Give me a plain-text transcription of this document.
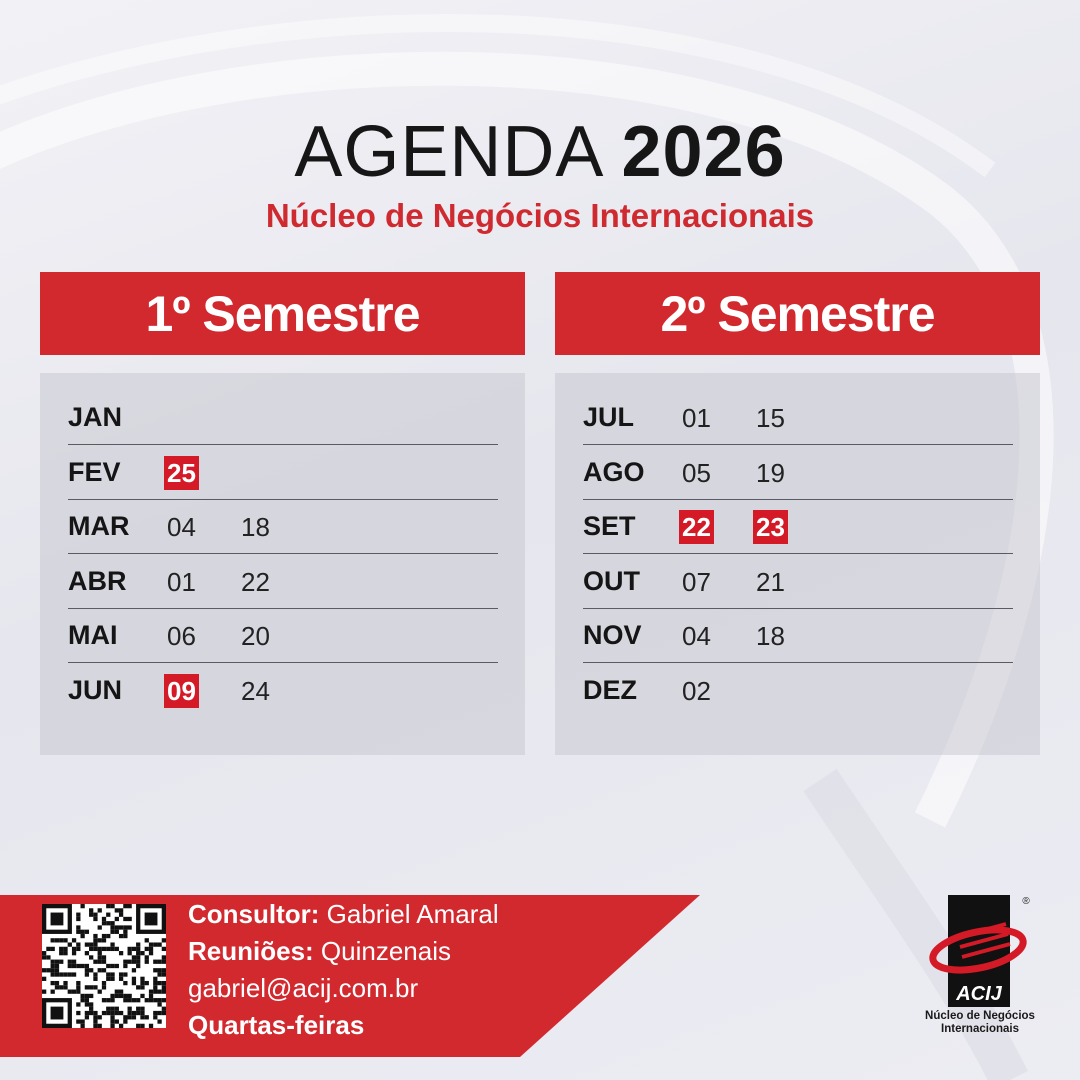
AGENDA 2026
Núcleo de Negócios Internacionais
1º Semestre	2º Semestre
JAN
FEV 25
MAR 04 18
ABR 01 22
MAI 06 20
JUN 09 24
JUL 01 15
AGO 05 19
SET 22 23
OUT 07 21
NOV 04 18
DEZ 02
Consultor: Gabriel Amaral
Reuniões: Quinzenais
gabriel@acij.com.br
Quartas-feiras
ACIJ
®
Núcleo de Negócios
Internacionais
